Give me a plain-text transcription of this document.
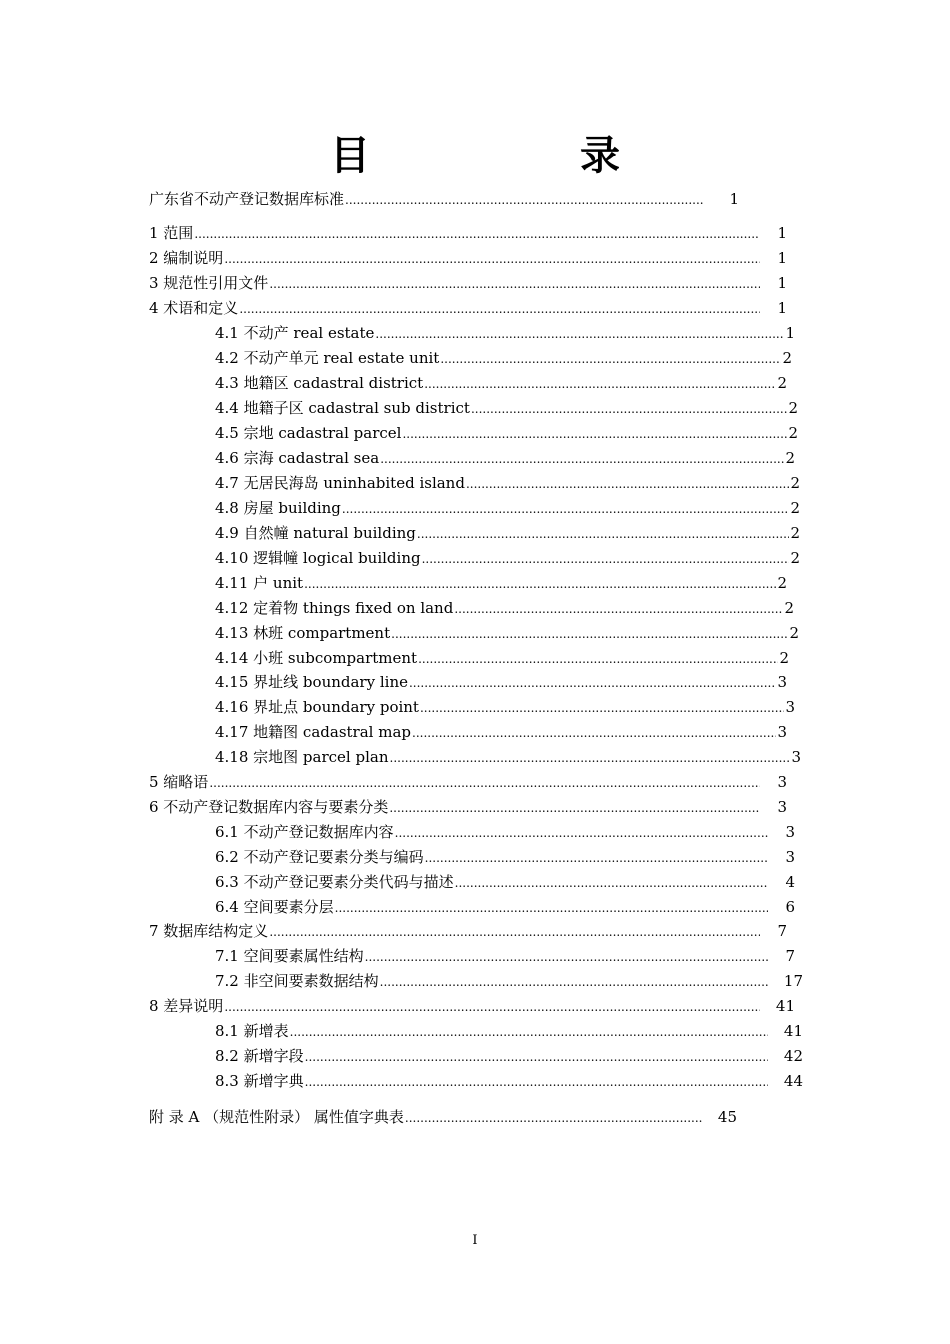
目	录
广东省不动产登记数据库标准 .....	1
1 范围 .....	1
2 编制说明 .....	1
3 规范性引用文件 .....	1
4 术语和定义 .....	1
4.1 不动产 real estate .....	1
4.2 不动产单元 real estate unit .....	2
4.3 地籍区 cadastral district .....	2
4.4 地籍子区 cadastral sub district .....	2
4.5 宗地 cadastral parcel .....	2
4.6 宗海 cadastral sea .....	2
4.7 无居民海岛 uninhabited island .....	2
4.8 房屋 building .....	2
4.9 自然幢 natural building .....	2
4.10 逻辑幢 logical building .....	2
4.11 户 unit .....	2
4.12 定着物 things fixed on land .....	2
4.13 林班 compartment .....	2
4.14 小班 subcompartment .....	2
4.15 界址线 boundary line .....	3
4.16 界址点 boundary point .....	3
4.17 地籍图 cadastral map .....	3
4.18 宗地图 parcel plan .....	3
5 缩略语 .....	3
6 不动产登记数据库内容与要素分类 .....	3
6.1 不动产登记数据库内容 .....	3
6.2 不动产登记要素分类与编码 .....	3
6.3 不动产登记要素分类代码与描述 .....	4
6.4 空间要素分层 .....	6
7 数据库结构定义 .....	7
7.1 空间要素属性结构 .....	7
7.2 非空间要素数据结构 .....	17
8 差异说明 .....	41
8.1 新增表 .....	41
8.2 新增字段 .....	42
8.3 新增字典 .....	44
附 录 A （规范性附录） 属性值字典表 .....	45
I
